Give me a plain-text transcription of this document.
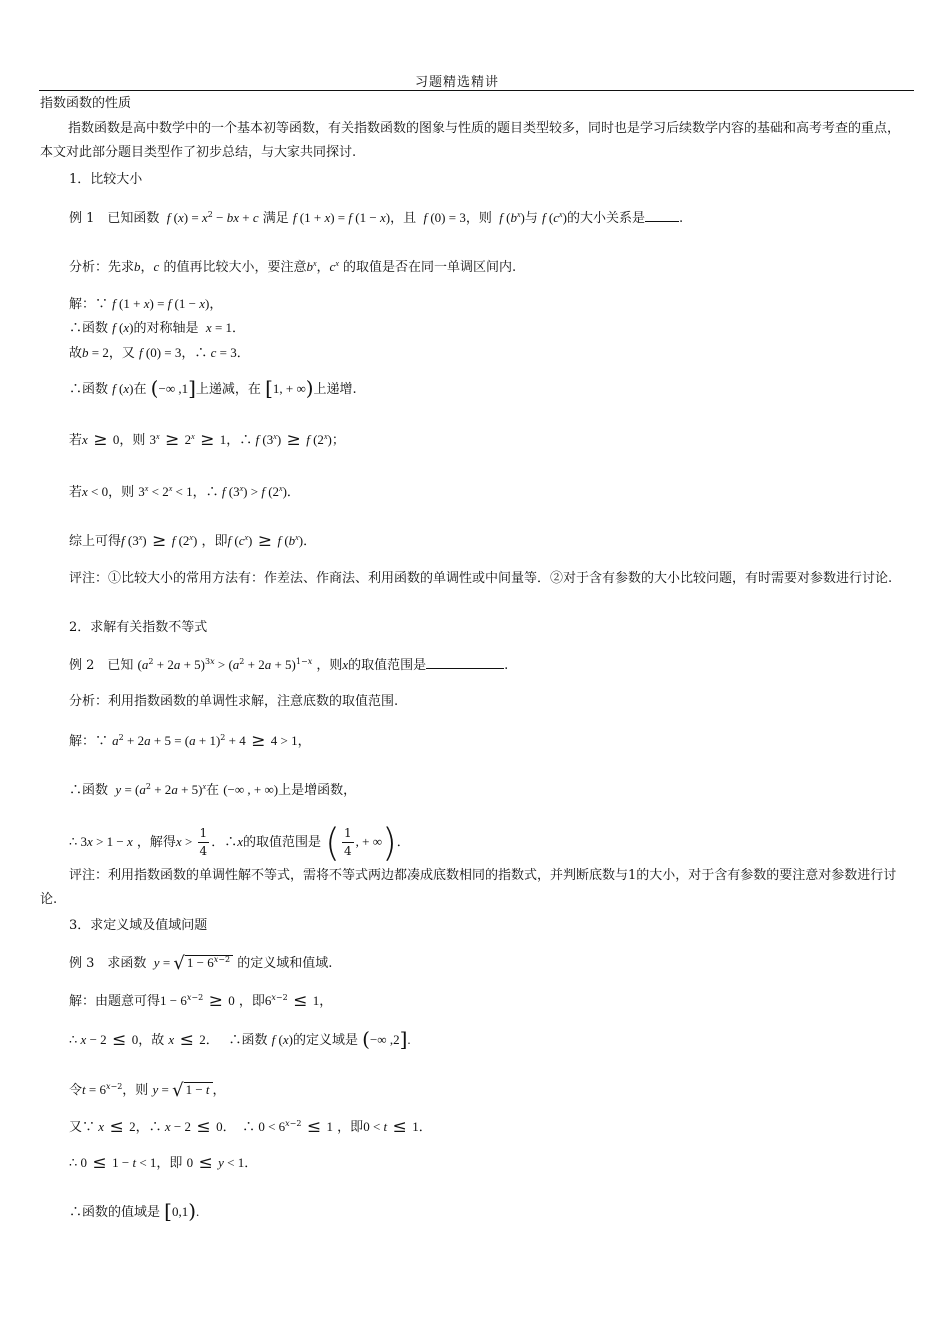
习题精选精讲
指数函数的性质
指数函数是高中数学中的一个基本初等函数，有关指数函数的图象与性质的题目类型较多，同时也是学习后续数学内容的基础和高考考查的重点，本文对此部分题目类型作了初步总结，与大家共同探讨.
1．比较大小
例 1　已知函数  f $(x) = x^2$ − bx + c 满足 f (1 + x) = f (1 − x)，且  f (0) = 3，则  f $(b^x)$与 f $(c^x)$的大小关系是	.
分析：先求b，c 的值再比较大小，要注意$b^x$，$c^x$ 的取值是否在同一单调区间内.
解：∵ f (1 + x) = f (1 − x)，
∴函数 f (x)的对称轴是  x = 1．
故b = 2，又 f (0) = 3，∴ c = 3．
∴函数 f (x)在 (−∞ ,1]上递减，在 [1, + ∞)上递增.
若x ≥ 0，则 $3^x \ge 2^x \ge 1$，∴ f $(3^x) \ge f$ (2$^x$)；
若x < 0，则 $3^x < 2^x < 1$，∴ f $(3^x) > f$ (2$^x$)．
综上可得f $(3^x) \ge f$ (2$^x$) ，即f $(c^x) \ge f$ $(b^x)$．
评注：①比较大小的常用方法有：作差法、作商法、利用函数的单调性或中间量等．②对于含有参数的大小比较问题，有时需要对参数进行讨论.
2．求解有关指数不等式
例 2　已知 $(a^2 + 2a + 5)^{3x} > (a^2 + 2a + 5)^{1-x}$ ，则x的取值范围是	.
分析：利用指数函数的单调性求解，注意底数的取值范围.
解：∵ $a^2 + 2a + 5 = (a + 1)^2 + 4 \ge 4 > 1$，
∴函数  $y = (a^2 + 2a + 5)^x$在 (−∞ , + ∞)上是增函数，
∴ 3x > 1 − x ，解得$x > \frac{1}{4}$ ．∴x的取值范围是 ( $\frac{1}{4}$ , + ∞)．
评注：利用指数函数的单调性解不等式，需将不等式两边都凑成底数相同的指数式，并判断底数与1的大小，对于含有参数的要注意对参数进行讨论.
3．求定义域及值域问题
例 3　求函数  y = √ $1 - 6^{x-2}$ 的定义域和值域.
解：由题意可得$1 - 6^{x-2} \ge 0$ ，即$6^{x-2} \le 1$，
∴ x − 2 ≤ 0，故 x ≤ 2．   ∴函数 f (x)的定义域是 (−∞ ,2].
令$t = 6^{x-2}$，则 y = √ 1 − t ，
又∵ x ≤ 2，∴ x − 2 ≤ 0．  ∴ $0 < 6^{x-2} \le 1$ ，即0 < t ≤ 1．
∴ 0 ≤ 1 − t < 1，即 0 ≤ y < 1．
∴函数的值域是 [0,1).
